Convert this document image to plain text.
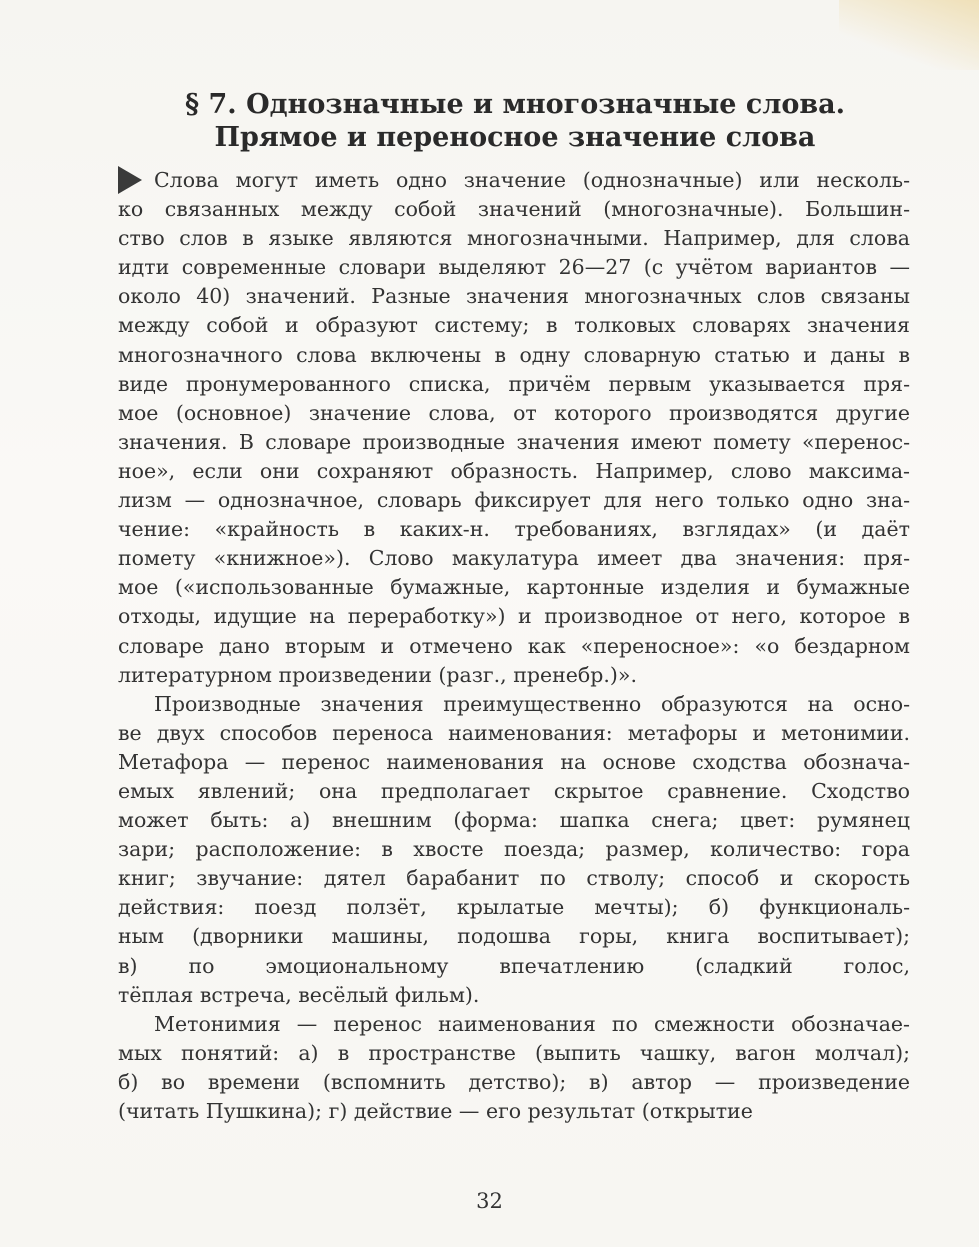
§ 7. Однозначные и многозначные слова.
Прямое и переносное значение слова

Слова могут иметь одно значение (однозначные) или несколь-
ко связанных между собой значений (многозначные). Большин-
ство слов в языке являются многозначными. Например, для слова
идти современные словари выделяют 26—27 (с учётом вариантов —
около 40) значений. Разные значения многозначных слов связаны
между собой и образуют систему; в толковых словарях значения
многозначного слова включены в одну словарную статью и даны в
виде пронумерованного списка, причём первым указывается пря-
мое (основное) значение слова, от которого производятся другие
значения. В словаре производные значения имеют помету «перенос-
ное», если они сохраняют образность. Например, слово максима-
лизм — однозначное, словарь фиксирует для него только одно зна-
чение: «крайность в каких-н. требованиях, взглядах» (и даёт
помету «книжное»). Слово макулатура имеет два значения: пря-
мое («использованные бумажные, картонные изделия и бумажные
отходы, идущие на переработку») и производное от него, которое в
словаре дано вторым и отмечено как «переносное»: «о бездарном
литературном произведении (разг., пренебр.)».

Производные значения преимущественно образуются на осно-
ве двух способов переноса наименования: метафоры и метонимии.
Метафора — перенос наименования на основе сходства обознача-
емых явлений; она предполагает скрытое сравнение. Сходство
может быть: а) внешним (форма: шапка снега; цвет: румянец
зари; расположение: в хвосте поезда; размер, количество: гора
книг; звучание: дятел барабанит по стволу; способ и скорость
действия: поезд ползёт, крылатые мечты); б) функциональ-
ным (дворники машины, подошва горы, книга воспитывает);
в) по эмоциональному впечатлению (сладкий голос,
тёплая встреча, весёлый фильм).

Метонимия — перенос наименования по смежности обозначае-
мых понятий: а) в пространстве (выпить чашку, вагон молчал);
б) во времени (вспомнить детство); в) автор — произведение
(читать Пушкина); г) действие — его результат (открытие

32
